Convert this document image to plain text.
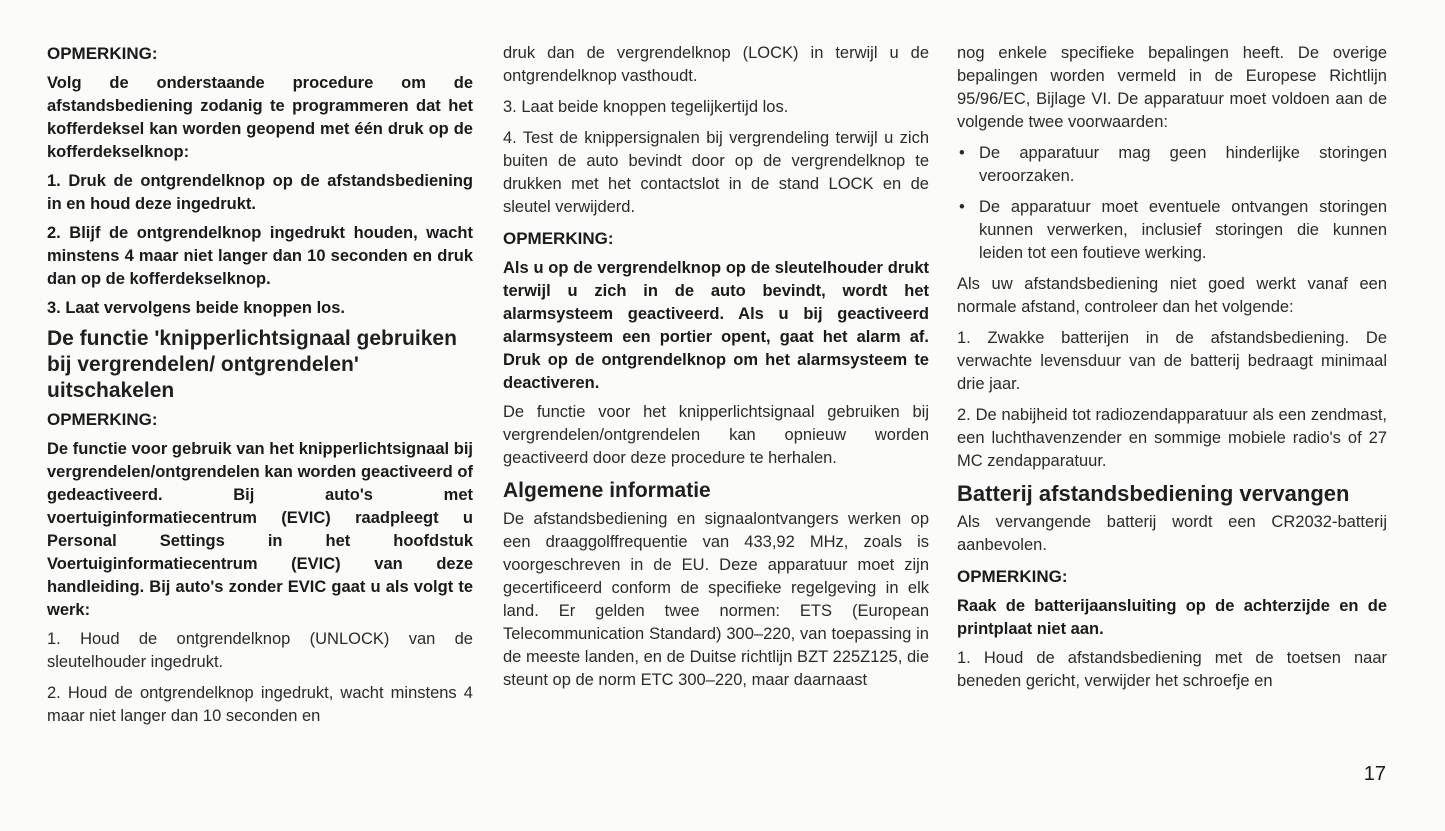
OPMERKING:

Volg de onderstaande procedure om de afstandsbediening zodanig te programmeren dat het kofferdeksel kan worden geopend met één druk op de kofferdekselknop:

1. Druk de ontgrendelknop op de afstandsbediening in en houd deze ingedrukt.

2. Blijf de ontgrendelknop ingedrukt houden, wacht minstens 4 maar niet langer dan 10 seconden en druk dan op de kofferdekselknop.

3. Laat vervolgens beide knoppen los.

De functie 'knipperlichtsignaal gebruiken bij vergrendelen/ ontgrendelen' uitschakelen

OPMERKING:

De functie voor gebruik van het knipperlichtsignaal bij vergrendelen/ontgrendelen kan worden geactiveerd of gedeactiveerd. Bij auto's met voertuiginformatiecentrum (EVIC) raadpleegt u Personal Settings in het hoofdstuk Voertuiginformatiecentrum (EVIC) van deze handleiding. Bij auto's zonder EVIC gaat u als volgt te werk:

1. Houd de ontgrendelknop (UNLOCK) van de sleutelhouder ingedrukt.

2. Houd de ontgrendelknop ingedrukt, wacht minstens 4 maar niet langer dan 10 seconden en

druk dan de vergrendelknop (LOCK) in terwijl u de ontgrendelknop vasthoudt.

3. Laat beide knoppen tegelijkertijd los.

4. Test de knippersignalen bij vergrendeling terwijl u zich buiten de auto bevindt door op de vergrendelknop te drukken met het contactslot in de stand LOCK en de sleutel verwijderd.

OPMERKING:

Als u op de vergrendelknop op de sleutelhouder drukt terwijl u zich in de auto bevindt, wordt het alarmsysteem geactiveerd. Als u bij geactiveerd alarmsysteem een portier opent, gaat het alarm af. Druk op de ontgrendelknop om het alarmsysteem te deactiveren.

De functie voor het knipperlichtsignaal gebruiken bij vergrendelen/ontgrendelen kan opnieuw worden geactiveerd door deze procedure te herhalen.

Algemene informatie

De afstandsbediening en signaalontvangers werken op een draaggolffrequentie van 433,92 MHz, zoals is voorgeschreven in de EU. Deze apparatuur moet zijn gecertificeerd conform de specifieke regelgeving in elk land. Er gelden twee normen: ETS (European Telecommunication Standard) 300–220, van toepassing in de meeste landen, en de Duitse richtlijn BZT 225Z125, die steunt op de norm ETC 300–220, maar daarnaast

nog enkele specifieke bepalingen heeft. De overige bepalingen worden vermeld in de Europese Richtlijn 95/96/EC, Bijlage VI. De apparatuur moet voldoen aan de volgende twee voorwaarden:

• De apparatuur mag geen hinderlijke storingen veroorzaken.
• De apparatuur moet eventuele ontvangen storingen kunnen verwerken, inclusief storingen die kunnen leiden tot een foutieve werking.

Als uw afstandsbediening niet goed werkt vanaf een normale afstand, controleer dan het volgende:

1. Zwakke batterijen in de afstandsbediening. De verwachte levensduur van de batterij bedraagt minimaal drie jaar.

2. De nabijheid tot radiozendapparatuur als een zendmast, een luchthavenzender en sommige mobiele radio's of 27 MC zendapparatuur.

Batterij afstandsbediening vervangen

Als vervangende batterij wordt een CR2032-batterij aanbevolen.

OPMERKING:

Raak de batterijaansluiting op de achterzijde en de printplaat niet aan.

1. Houd de afstandsbediening met de toetsen naar beneden gericht, verwijder het schroefje en

17
